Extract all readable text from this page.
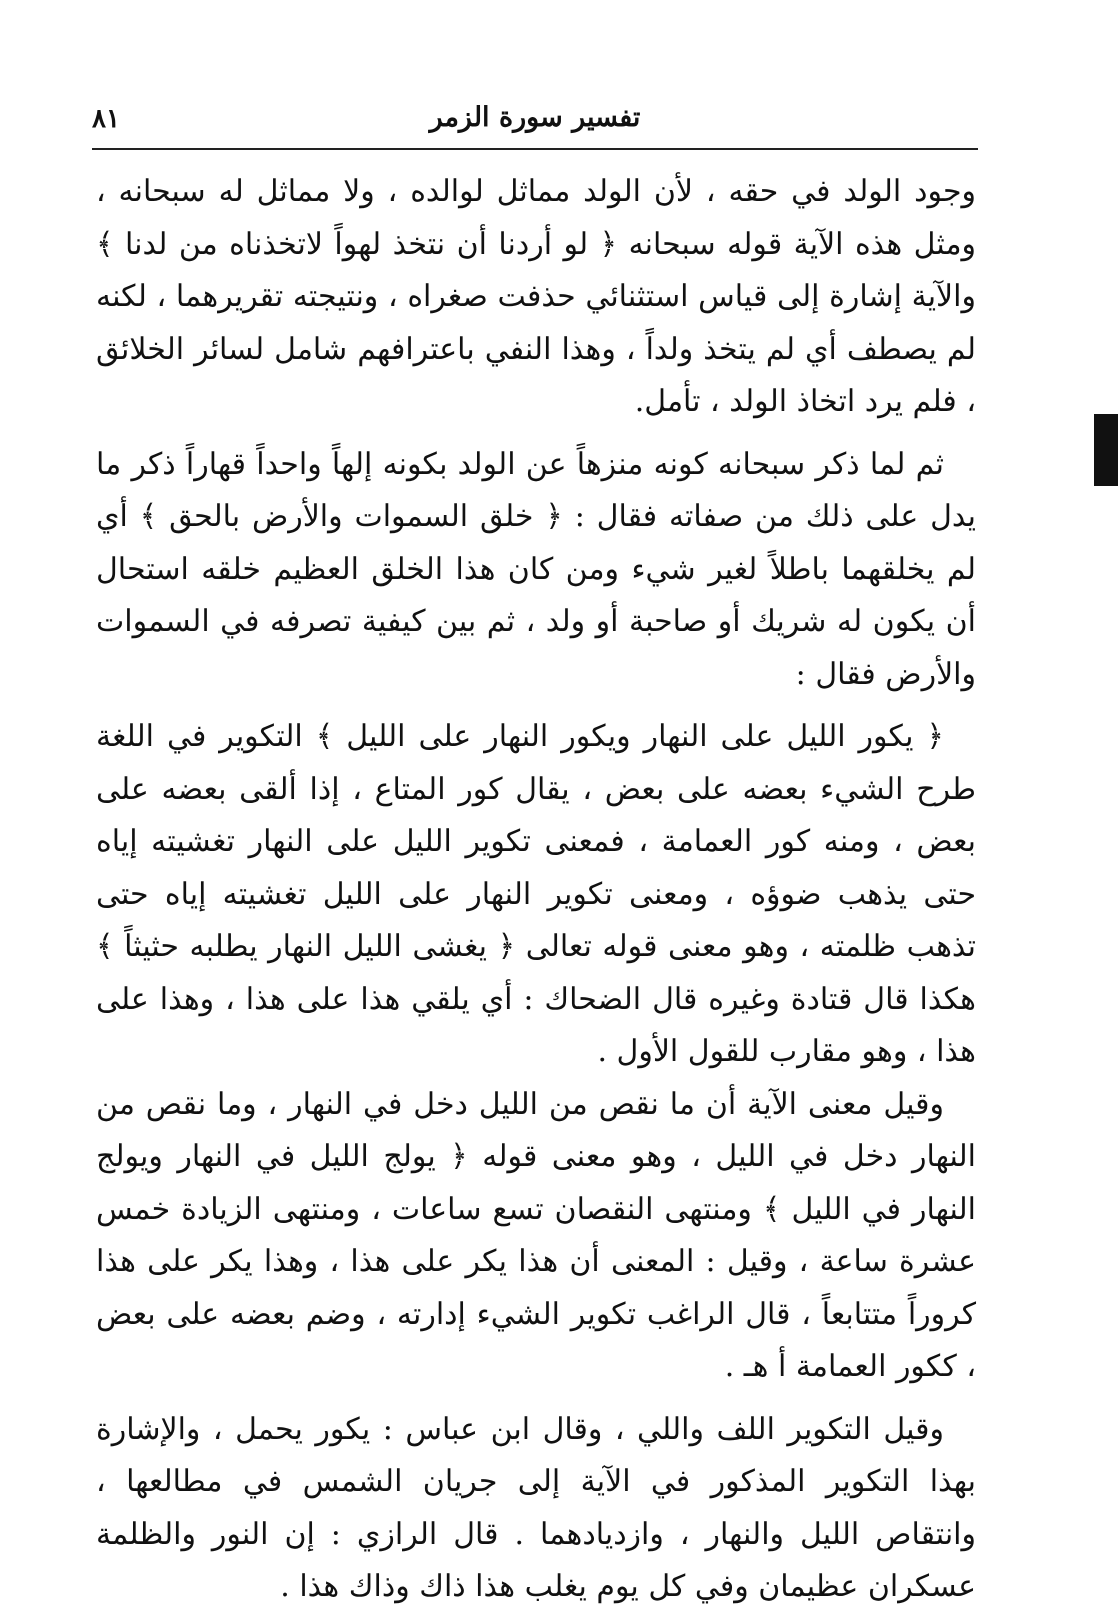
٨١	تفسير سورة الزمر

وجود الولد في حقه ، لأن الولد مماثل لوالده ، ولا مماثل له سبحانه ، ومثل هذه الآية قوله سبحانه ﴿ لو أردنا أن نتخذ لهواً لاتخذناه من لدنا ﴾ والآية إشارة إلى قياس استثنائي حذفت صغراه ، ونتيجته تقريرهما ، لكنه لم يصطف أي لم يتخذ ولداً ، وهذا النفي باعترافهم شامل لسائر الخلائق ، فلم يرد اتخاذ الولد ، تأمل.

ثم لما ذكر سبحانه كونه منزهاً عن الولد بكونه إلهاً واحداً قهاراً ذكر ما يدل على ذلك من صفاته فقال : ﴿ خلق السموات والأرض بالحق ﴾ أي لم يخلقهما باطلاً لغير شيء ومن كان هذا الخلق العظيم خلقه استحال أن يكون له شريك أو صاحبة أو ولد ، ثم بين كيفية تصرفه في السموات والأرض فقال :

﴿ يكور الليل على النهار ويكور النهار على الليل ﴾ التكوير في اللغة طرح الشيء بعضه على بعض ، يقال كور المتاع ، إذا ألقى بعضه على بعض ، ومنه كور العمامة ، فمعنى تكوير الليل على النهار تغشيته إياه حتى يذهب ضوؤه ، ومعنى تكوير النهار على الليل تغشيته إياه حتى تذهب ظلمته ، وهو معنى قوله تعالى ﴿ يغشى الليل النهار يطلبه حثيثاً ﴾ هكذا قال قتادة وغيره قال الضحاك : أي يلقي هذا على هذا ، وهذا على هذا ، وهو مقارب للقول الأول .

وقيل معنى الآية أن ما نقص من الليل دخل في النهار ، وما نقص من النهار دخل في الليل ، وهو معنى قوله ﴿ يولج الليل في النهار ويولج النهار في الليل ﴾ ومنتهى النقصان تسع ساعات ، ومنتهى الزيادة خمس عشرة ساعة ، وقيل : المعنى أن هذا يكر على هذا ، وهذا يكر على هذا كروراً متتابعاً ، قال الراغب تكوير الشيء إدارته ، وضم بعضه على بعض ، ككور العمامة أ هـ .

وقيل التكوير اللف واللي ، وقال ابن عباس : يكور يحمل ، والإشارة بهذا التكوير المذكور في الآية إلى جريان الشمس في مطالعها ، وانتقاص الليل والنهار ، وازديادهما . قال الرازي : إن النور والظلمة عسكران عظيمان وفي كل يوم يغلب هذا ذاك وذاك هذا .
